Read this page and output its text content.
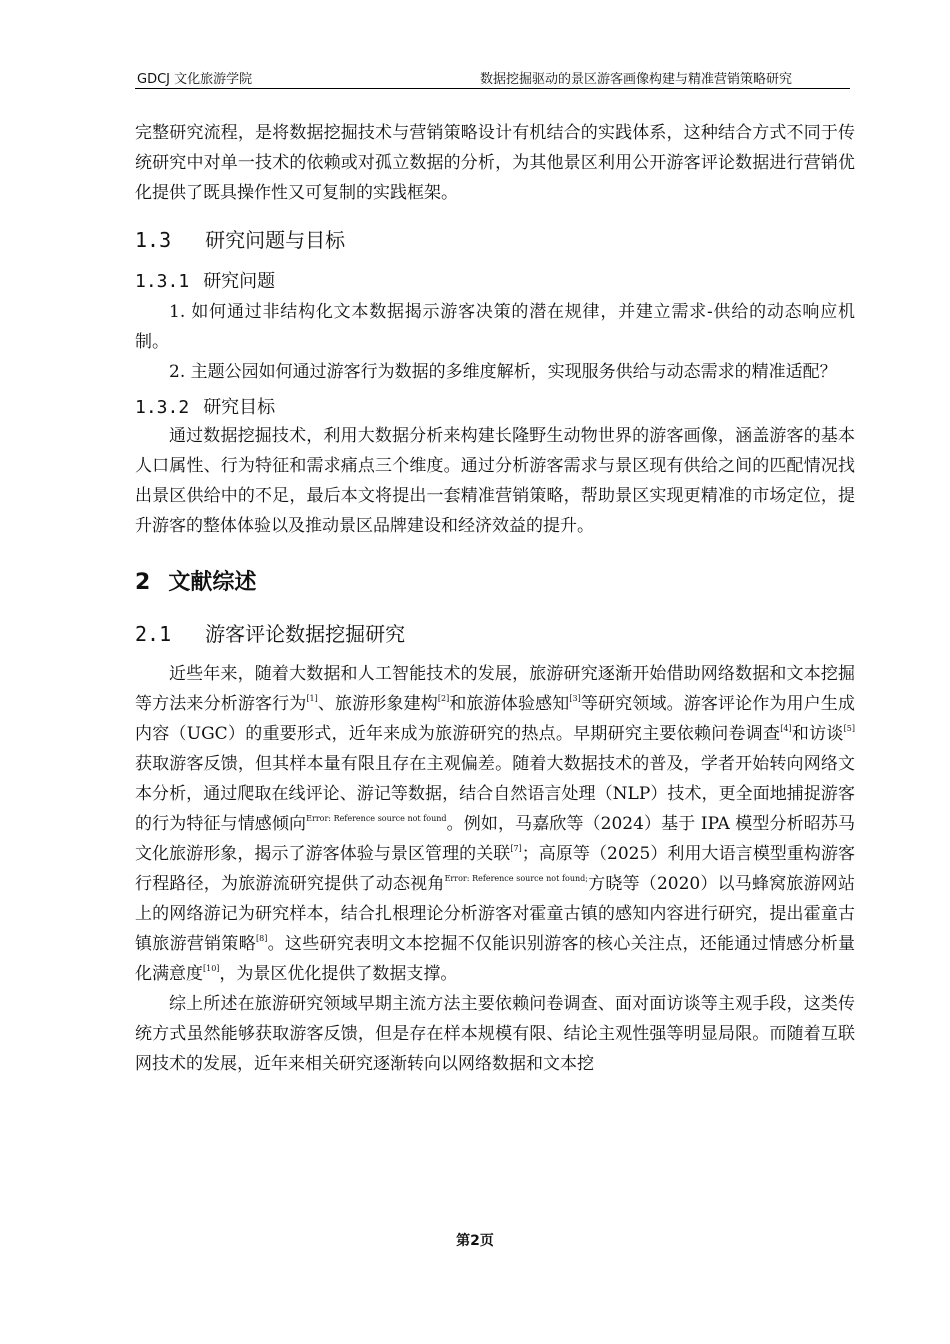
GDCJ 文化旅游学院	数据挖掘驱动的景区游客画像构建与精准营销策略研究

完整研究流程，是将数据挖掘技术与营销策略设计有机结合的实践体系，这种结合方式不同于传统研究中对单一技术的依赖或对孤立数据的分析，为其他景区利用公开游客评论数据进行营销优化提供了既具操作性又可复制的实践框架。

1.3 研究问题与目标
1.3.1 研究问题

1. 如何通过非结构化文本数据揭示游客决策的潜在规律，并建立需求-供给的动态响应机制。

2. 主题公园如何通过游客行为数据的多维度解析，实现服务供给与动态需求的精准适配？

1.3.2 研究目标

通过数据挖掘技术，利用大数据分析来构建长隆野生动物世界的游客画像，涵盖游客的基本人口属性、行为特征和需求痛点三个维度。通过分析游客需求与景区现有供给之间的匹配情况找出景区供给中的不足，最后本文将提出一套精准营销策略，帮助景区实现更精准的市场定位，提升游客的整体体验以及推动景区品牌建设和经济效益的提升。

2 文献综述
2.1 游客评论数据挖掘研究

近些年来，随着大数据和人工智能技术的发展，旅游研究逐渐开始借助网络数据和文本挖掘等方法来分析游客行为[1]、旅游形象建构[2]和旅游体验感知[3]等研究领域。游客评论作为用户生成内容（UGC）的重要形式，近年来成为旅游研究的热点。早期研究主要依赖问卷调查[4]和访谈[5]获取游客反馈，但其样本量有限且存在主观偏差。随着大数据技术的普及，学者开始转向网络文本分析，通过爬取在线评论、游记等数据，结合自然语言处理（NLP）技术，更全面地捕捉游客的行为特征与情感倾向$^{Error: Reference source not found}$。例如，马嘉欣等（2024）基于 IPA 模型分析昭苏马文化旅游形象，揭示了游客体验与景区管理的关联[7]；高原等（2025）利用大语言模型重构游客行程路径，为旅游流研究提供了动态视角$^{Error: Reference source not found;}$方晓等（2020）以马蜂窝旅游网站上的网络游记为研究样本，结合扎根理论分析游客对霍童古镇的感知内容进行研究，提出霍童古镇旅游营销策略[8]。这些研究表明文本挖掘不仅能识别游客的核心关注点，还能通过情感分析量化满意度[10]，为景区优化提供了数据支撑。

综上所述在旅游研究领域早期主流方法主要依赖问卷调查、面对面访谈等主观手段，这类传统方式虽然能够获取游客反馈，但是存在样本规模有限、结论主观性强等明显局限。而随着互联网技术的发展，近年来相关研究逐渐转向以网络数据和文本挖

第2页
